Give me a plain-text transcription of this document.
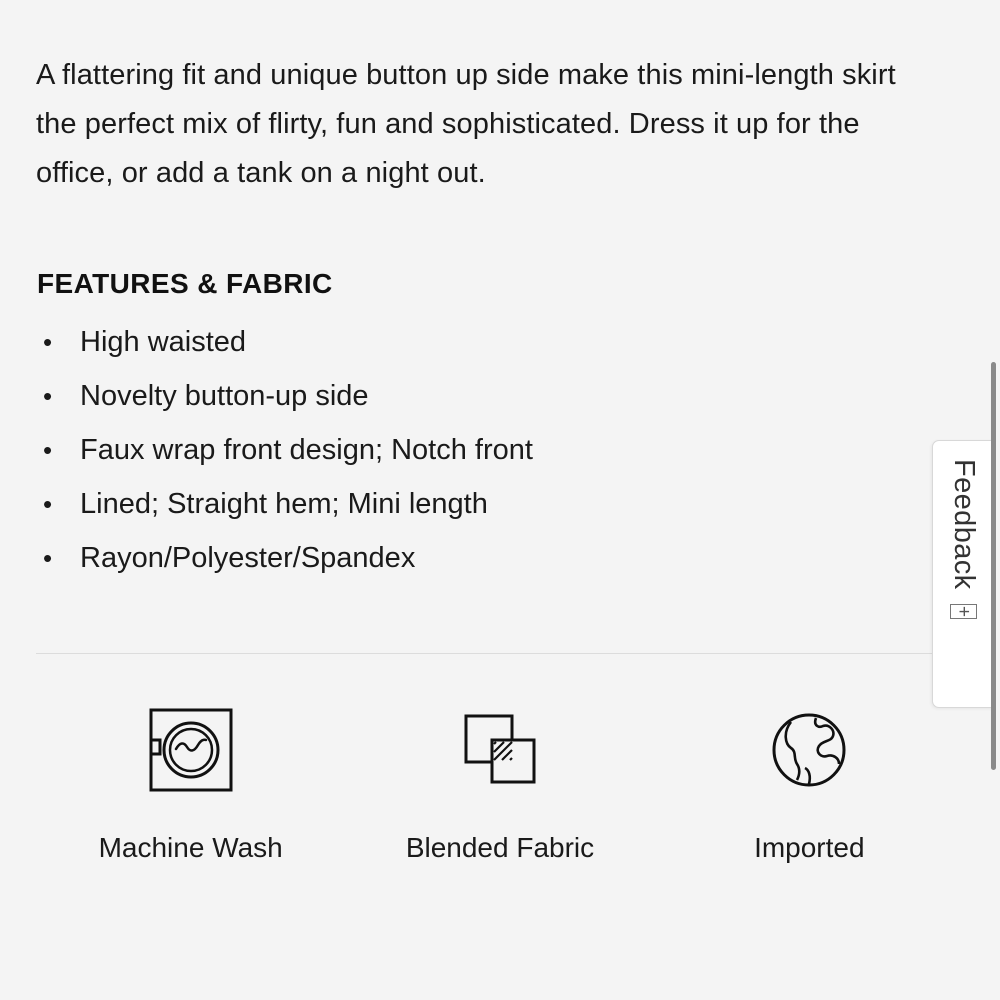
A flattering fit and unique button up side make this mini-length skirt the perfect mix of flirty, fun and sophisticated. Dress it up for the office, or add a tank on a night out.

FEATURES & FABRIC
• High waisted
• Novelty button-up side
• Faux wrap front design; Notch front
• Lined; Straight hem; Mini length
• Rayon/Polyester/Spandex
Machine Wash	Blended Fabric	Imported
Feedback
+
